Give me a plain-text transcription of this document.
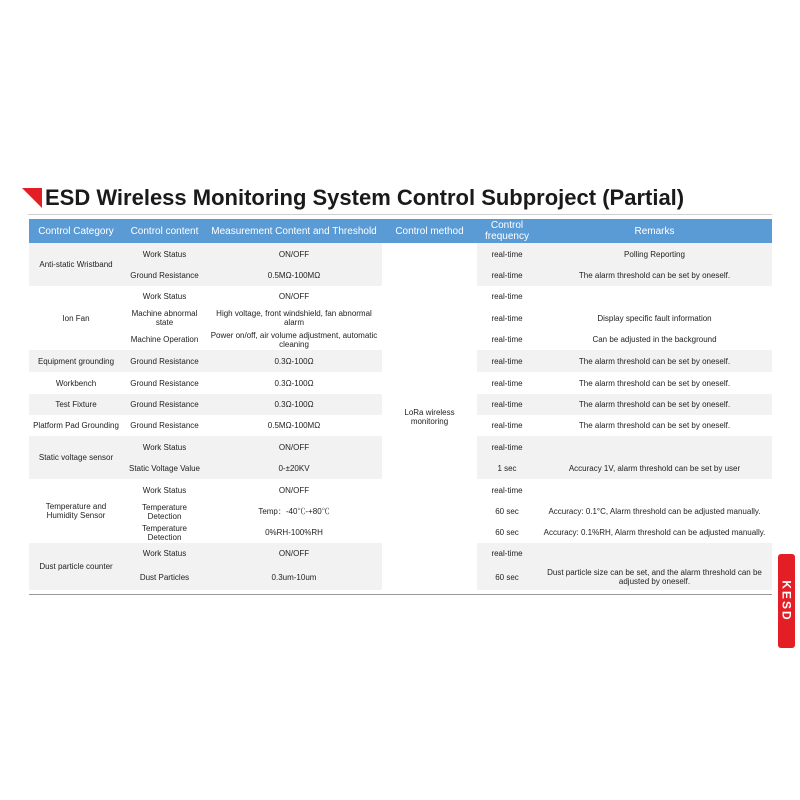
ESD Wireless Monitoring System Control Subproject (Partial)
Control Category	Control content	Measurement Content and Threshold	Control method	Control frequency	Remarks
Anti-static Wristband	Work Status	ON/OFF	LoRa wireless monitoring	real-time	Polling Reporting
	Ground Resistance	0.5MΩ-100MΩ		real-time	The alarm threshold can be set by oneself.
Ion Fan	Work Status	ON/OFF		real-time	
	Machine abnormal state	High voltage, front windshield, fan abnormal alarm		real-time	Display specific fault information
	Machine Operation	Power on/off, air volume adjustment, automatic cleaning		real-time	Can be adjusted in the background
Equipment grounding	Ground Resistance	0.3Ω-100Ω		real-time	The alarm threshold can be set by oneself.
Workbench	Ground Resistance	0.3Ω-100Ω		real-time	The alarm threshold can be set by oneself.
Test Fixture	Ground Resistance	0.3Ω-100Ω		real-time	The alarm threshold can be set by oneself.
Platform Pad Grounding	Ground Resistance	0.5MΩ-100MΩ		real-time	The alarm threshold can be set by oneself.
Static voltage sensor	Work Status	ON/OFF		real-time	
	Static Voltage Value	0-±20KV		1 sec	Accuracy 1V, alarm threshold can be set by user
Temperature and Humidity Sensor	Work Status	ON/OFF		real-time	
	Temperature Detection	Temp：-40℃-+80℃		60 sec	Accuracy: 0.1°C, Alarm threshold can be adjusted manually.
	Temperature Detection	0%RH-100%RH		60 sec	Accuracy: 0.1%RH, Alarm threshold can be adjusted manually.
Dust particle counter	Work Status	ON/OFF		real-time	
	Dust Particles	0.3um-10um		60 sec	Dust particle size can be set, and the alarm threshold can be adjusted by oneself.	KESD
